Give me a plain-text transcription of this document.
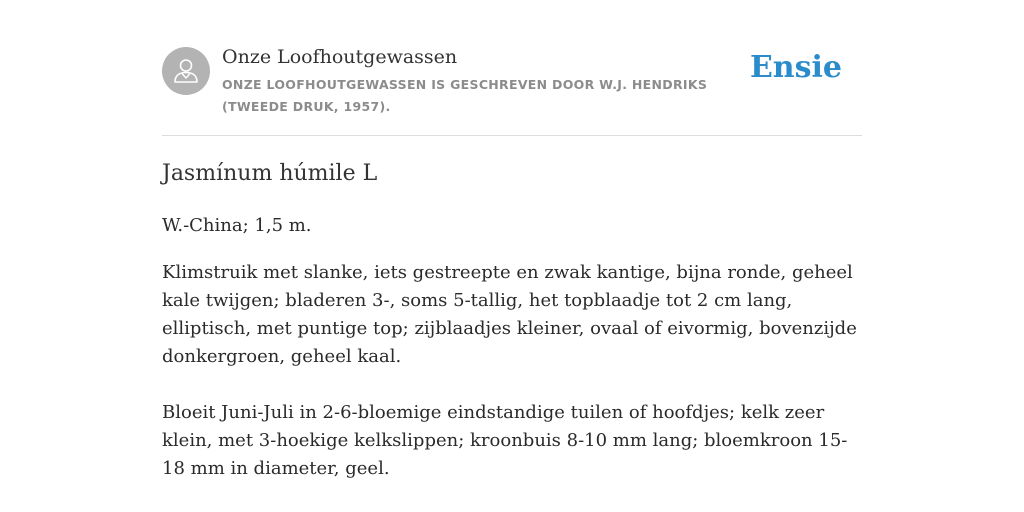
Onze Loofhoutgewassen
ONZE LOOFHOUTGEWASSEN IS GESCHREVEN DOOR W.J. HENDRIKS (TWEEDE DRUK, 1957).
Ensie
Jasmínum húmile L

W.-China; 1,5 m.

Klimstruik met slanke, iets gestreepte en zwak kantige, bijna ronde, geheel kale twijgen; bladeren 3-, soms 5-tallig, het topblaadje tot 2 cm lang, elliptisch, met puntige top; zijblaadjes kleiner, ovaal of eivormig, bovenzijde donkergroen, geheel kaal.

Bloeit Juni-Juli in 2-6-bloemige eindstandige tuilen of hoofdjes; kelk zeer klein, met 3-hoekige kelkslippen; kroonbuis 8-10 mm lang; bloemkroon 15-18 mm in diameter, geel.
